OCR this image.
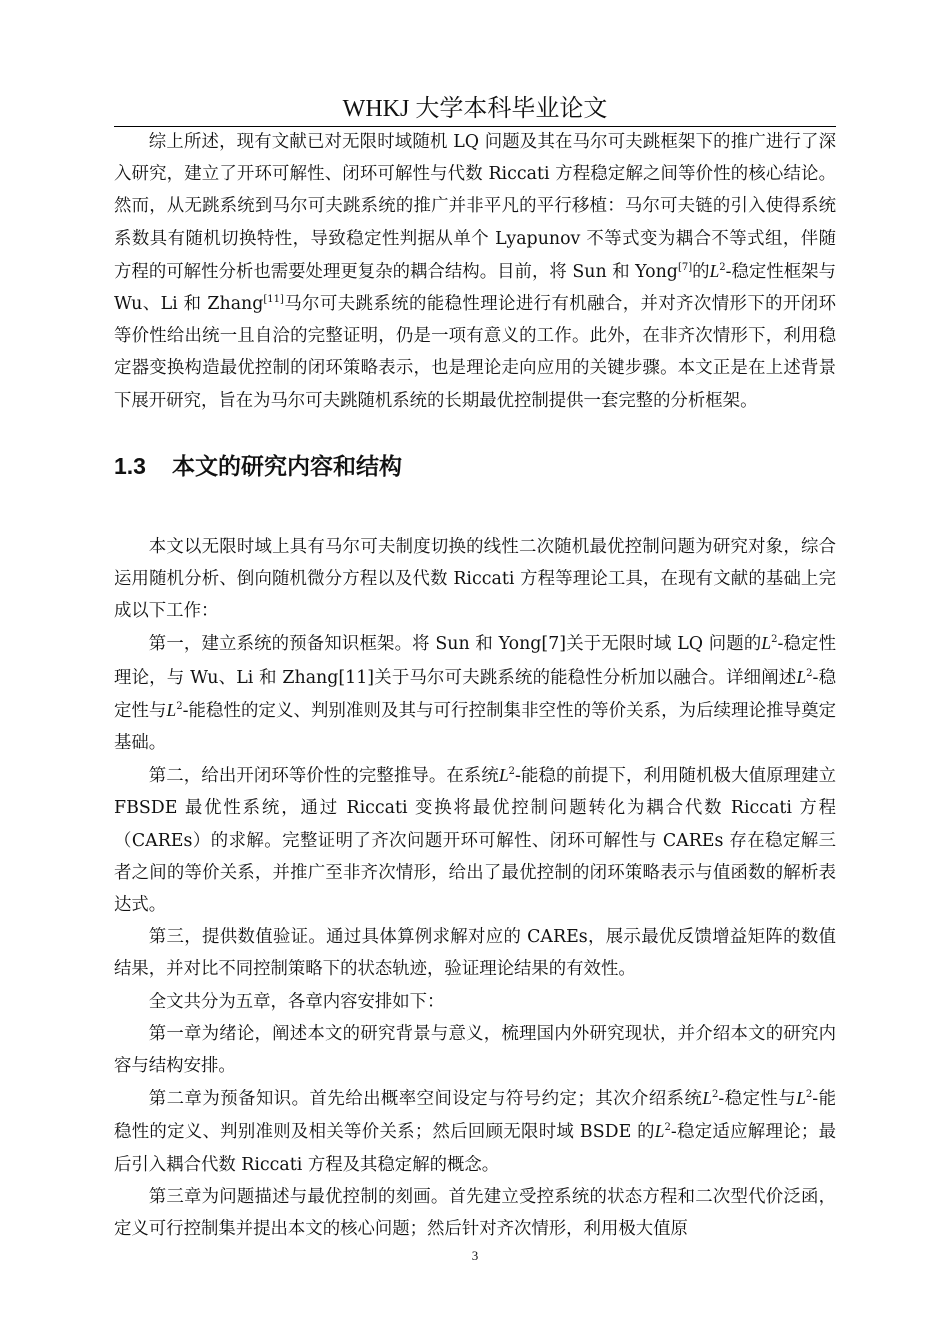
WHKJ 大学本科毕业论文

综上所述，现有文献已对无限时域随机 LQ 问题及其在马尔可夫跳框架下的推广进行了深入研究，建立了开环可解性、闭环可解性与代数 Riccati 方程稳定解之间等价性的核心结论。然而，从无跳系统到马尔可夫跳系统的推广并非平凡的平行移植：马尔可夫链的引入使得系统系数具有随机切换特性，导致稳定性判据从单个 Lyapunov 不等式变为耦合不等式组，伴随方程的可解性分析也需要处理更复杂的耦合结构。目前，将 Sun 和 Yong[7]的$L^2-$稳定性框架与 Wu、Li 和 Zhang[11]马尔可夫跳系统的能稳性理论进行有机融合，并对齐次情形下的开闭环等价性给出统一且自洽的完整证明，仍是一项有意义的工作。此外，在非齐次情形下，利用稳定器变换构造最优控制的闭环策略表示，也是理论走向应用的关键步骤。本文正是在上述背景下展开研究，旨在为马尔可夫跳随机系统的长期最优控制提供一套完整的分析框架。

1.3 本文的研究内容和结构

本文以无限时域上具有马尔可夫制度切换的线性二次随机最优控制问题为研究对象，综合运用随机分析、倒向随机微分方程以及代数 Riccati 方程等理论工具，在现有文献的基础上完成以下工作：

第一，建立系统的预备知识框架。将 Sun 和 Yong[7]关于无限时域 LQ 问题的$L^2-$稳定性理论，与 Wu、Li 和 Zhang[11]关于马尔可夫跳系统的能稳性分析加以融合。详细阐述$L^2-$稳定性与$L^2-$能稳性的定义、判别准则及其与可行控制集非空性的等价关系，为后续理论推导奠定基础。

第二，给出开闭环等价性的完整推导。在系统$L^2-$能稳的前提下，利用随机极大值原理建立 FBSDE 最优性系统，通过 Riccati 变换将最优控制问题转化为耦合代数 Riccati 方程（CAREs）的求解。完整证明了齐次问题开环可解性、闭环可解性与 CAREs 存在稳定解三者之间的等价关系，并推广至非齐次情形，给出了最优控制的闭环策略表示与值函数的解析表达式。

第三，提供数值验证。通过具体算例求解对应的 CAREs，展示最优反馈增益矩阵的数值结果，并对比不同控制策略下的状态轨迹，验证理论结果的有效性。

全文共分为五章，各章内容安排如下：

第一章为绪论，阐述本文的研究背景与意义，梳理国内外研究现状，并介绍本文的研究内容与结构安排。

第二章为预备知识。首先给出概率空间设定与符号约定；其次介绍系统$L^2-$稳定性与$L^2-$能稳性的定义、判别准则及相关等价关系；然后回顾无限时域 BSDE 的$L^2-$稳定适应解理论；最后引入耦合代数 Riccati 方程及其稳定解的概念。

第三章为问题描述与最优控制的刻画。首先建立受控系统的状态方程和二次型代价泛函，定义可行控制集并提出本文的核心问题；然后针对齐次情形，利用极大值原

3
